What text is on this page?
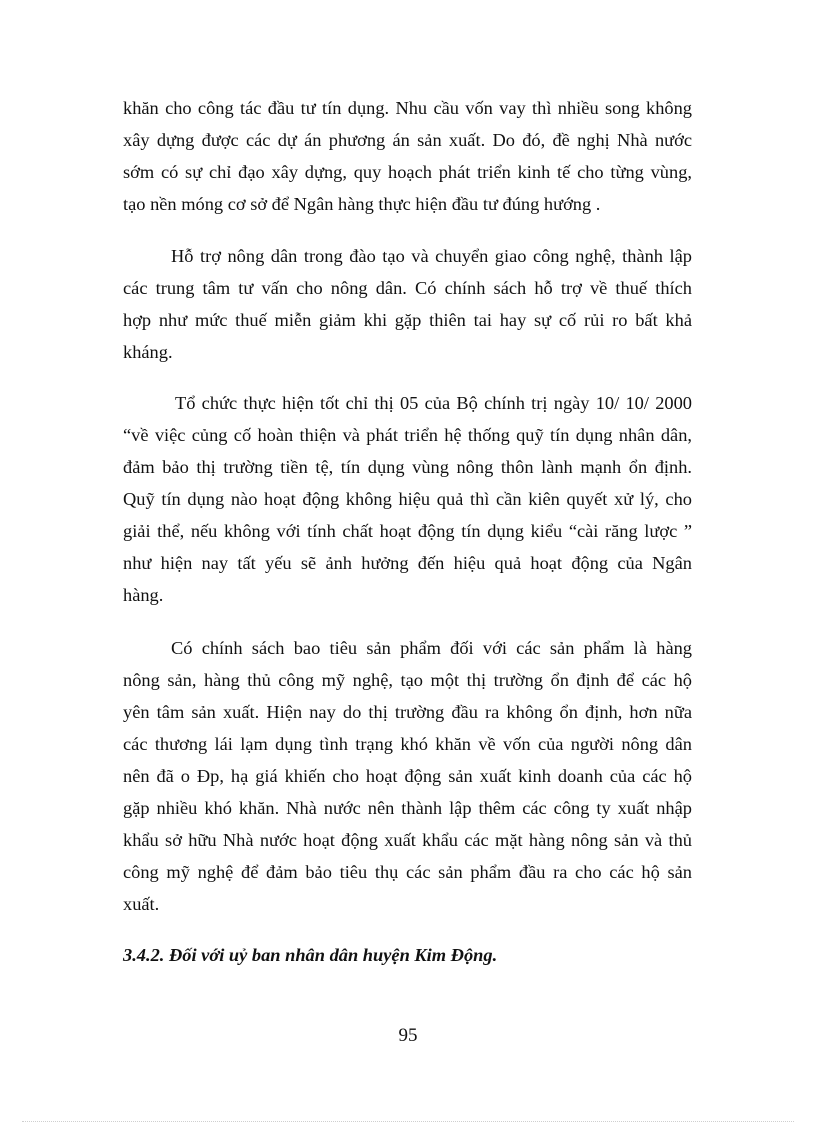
khăn cho công tác đầu tư tín dụng. Nhu cầu vốn vay thì nhiều song không
xây dựng được các dự án phương án sản xuất. Do đó, đề nghị Nhà nước
sớm có sự chỉ đạo xây dựng, quy hoạch phát triển kinh tế cho từng vùng,
tạo nền móng cơ sở để Ngân hàng thực hiện đầu tư đúng hướng .
Hỗ trợ nông dân trong đào tạo và chuyển giao công nghệ, thành lập
các trung tâm tư vấn cho nông dân. Có chính sách hỗ trợ về thuế thích
hợp như mức thuế miễn giảm khi gặp thiên tai hay sự cố rủi ro bất khả
kháng.
Tổ chức thực hiện tốt chỉ thị 05 của Bộ chính trị ngày 10/ 10/ 2000
“về việc củng cố hoàn thiện và phát triển hệ thống quỹ tín dụng nhân dân,
đảm bảo thị trường tiền tệ, tín dụng vùng nông thôn lành mạnh ổn định.
Quỹ tín dụng nào hoạt động không hiệu quả thì cần kiên quyết xử lý, cho
giải thể, nếu không với tính chất hoạt động tín dụng kiểu “cài răng lược ”
như hiện nay tất yếu sẽ ảnh hưởng đến hiệu quả hoạt động của Ngân
hàng.
Có chính sách bao tiêu sản phẩm đối với các sản phẩm là hàng
nông sản, hàng thủ công mỹ nghệ, tạo một thị trường ổn định để các hộ
yên tâm sản xuất. Hiện nay do thị trường đầu ra không ổn định, hơn nữa
các thương lái lạm dụng tình trạng khó khăn về vốn của người nông dân
nên đã o Đp, hạ giá khiến cho hoạt động sản xuất kinh doanh của các hộ
gặp nhiều khó khăn. Nhà nước nên thành lập thêm các công ty xuất nhập
khẩu sở hữu Nhà nước hoạt động xuất khẩu các mặt hàng nông sản và thủ
công mỹ nghệ để đảm bảo tiêu thụ các sản phẩm đầu ra cho các hộ sản
xuất.
3.4.2. Đối với uỷ ban nhân dân huyện Kim Động.
95
